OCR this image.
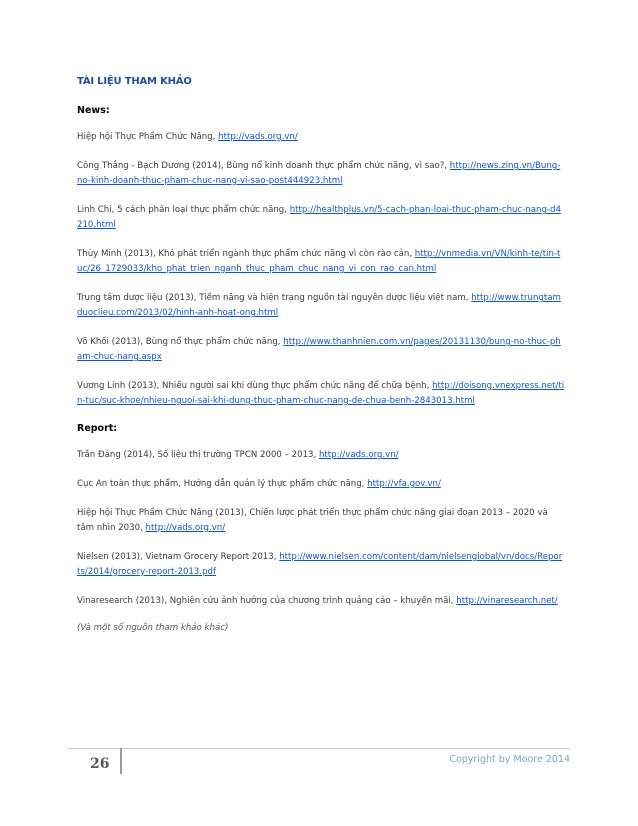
TÀI LIỆU THAM KHẢO
News:

Hiệp hội Thực Phẩm Chức Năng, http://vads.org.vn/

Công Thắng - Bạch Dương (2014), Bùng nổ kinh doanh thực phẩm chức năng, vì sao?, http://news.zing.vn/Bung-no-kinh-doanh-thuc-pham-chuc-nang-vi-sao-post444923.html

Linh Chi, 5 cách phân loại thực phẩm chức năng, http://healthplus.vn/5-cach-phan-loai-thuc-pham-chuc-nang-d4210.html

Thùy Minh (2013), Khó phát triển ngành thực phẩm chức năng vì còn rào cản, http://vnmedia.vn/VN/kinh-te/tin-tuc/26_1729033/kho_phat_trien_nganh_thuc_pham_chuc_nang_vi_con_rao_can.html

Trung tâm dược liệu (2013), Tiềm năng và hiện trạng nguồn tài nguyên dược liệu việt nam, http://www.trungtamduoclieu.com/2013/02/hinh-anh-hoat-ong.html

Võ Khối (2013), Bùng nổ thực phẩm chức năng, http://www.thanhnien.com.vn/pages/20131130/bung-no-thuc-pham-chuc-nang.aspx

Vương Linh (2013), Nhiều người sai khi dùng thực phẩm chức năng để chữa bệnh, http://doisong.vnexpress.net/tin-tuc/suc-khoe/nhieu-nguoi-sai-khi-dung-thuc-pham-chuc-nang-de-chua-benh-2843013.html

Report:

Trần Đáng (2014), Số liệu thị trường TPCN 2000 – 2013, http://vads.org.vn/

Cục An toàn thực phẩm, Hướng dẫn quản lý thực phẩm chức năng, http://vfa.gov.vn/

Hiệp hội Thực Phẩm Chức Năng (2013), Chiến lược phát triển thực phẩm chức năng giai đoạn 2013 – 2020 và tầm nhìn 2030, http://vads.org.vn/

Nielsen (2013), Vietnam Grocery Report 2013, http://www.nielsen.com/content/dam/nielsenglobal/vn/docs/Reports/2014/grocery-report-2013.pdf

Vinaresearch (2013), Nghiên cứu ảnh hưởng của chương trình quảng cáo – khuyến mãi, http://vinaresearch.net/

(Và một số nguồn tham khảo khác)

26	Copyright by Moore 2014
